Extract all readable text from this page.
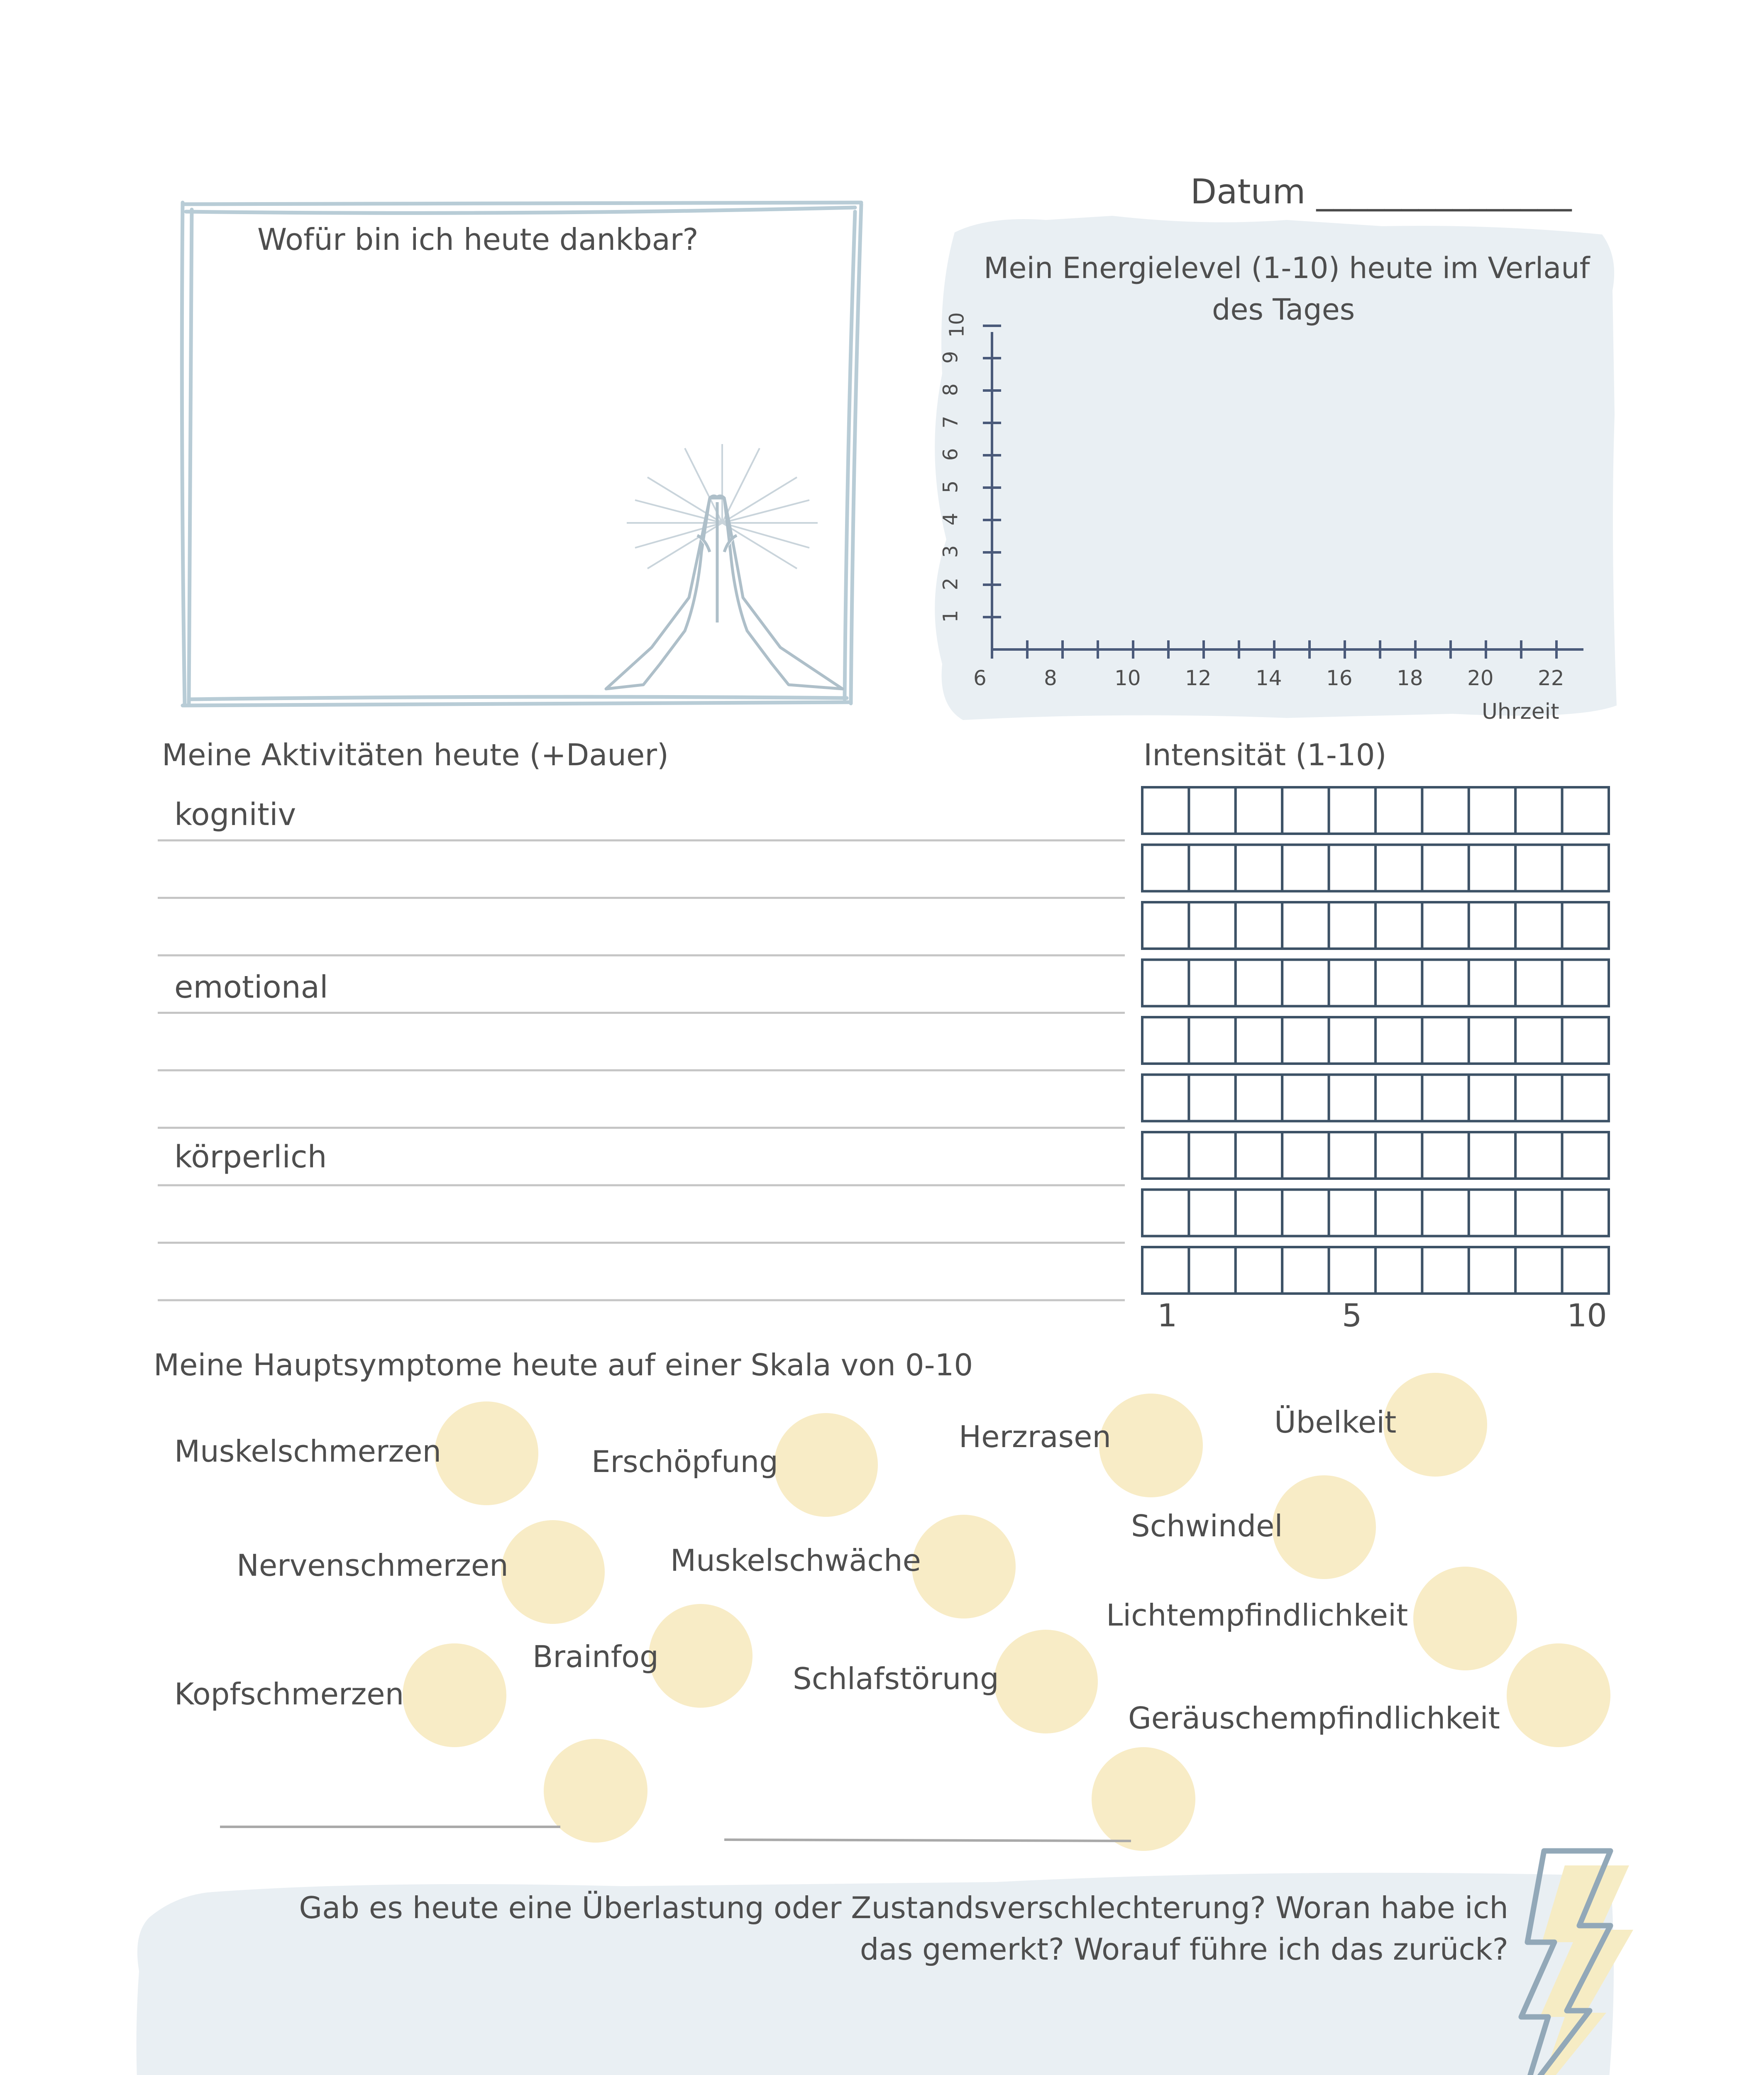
Datum _______________
Wofür bin ich heute dankbar?
Mein Energielevel (1-10) heute im Verlauf
des Tages
1
2
3
4
5
6
7
8
9
10
6	8	10 12 14 16 18 20 22
Uhrzeit
Meine Aktivitäten heute (+Dauer)	Intensität (1-10)
kognitiv
emotional
körperlich
1	5	10
Meine Hauptsymptome heute auf einer Skala von 0-10
Muskelschmerzen	Erschöpfung
Herzrasen	Übelkeit
Nervenschmerzen	Muskelschwäche
Schwindel
Lichtempfindlichkeit
Brainfog
Kopfschmerzen	Schlafstörung
Geräuschempfindlichkeit
Gab es heute eine Überlastung oder Zustandsverschlechterung? Woran habe ich
das gemerkt? Worauf führe ich das zurück?
